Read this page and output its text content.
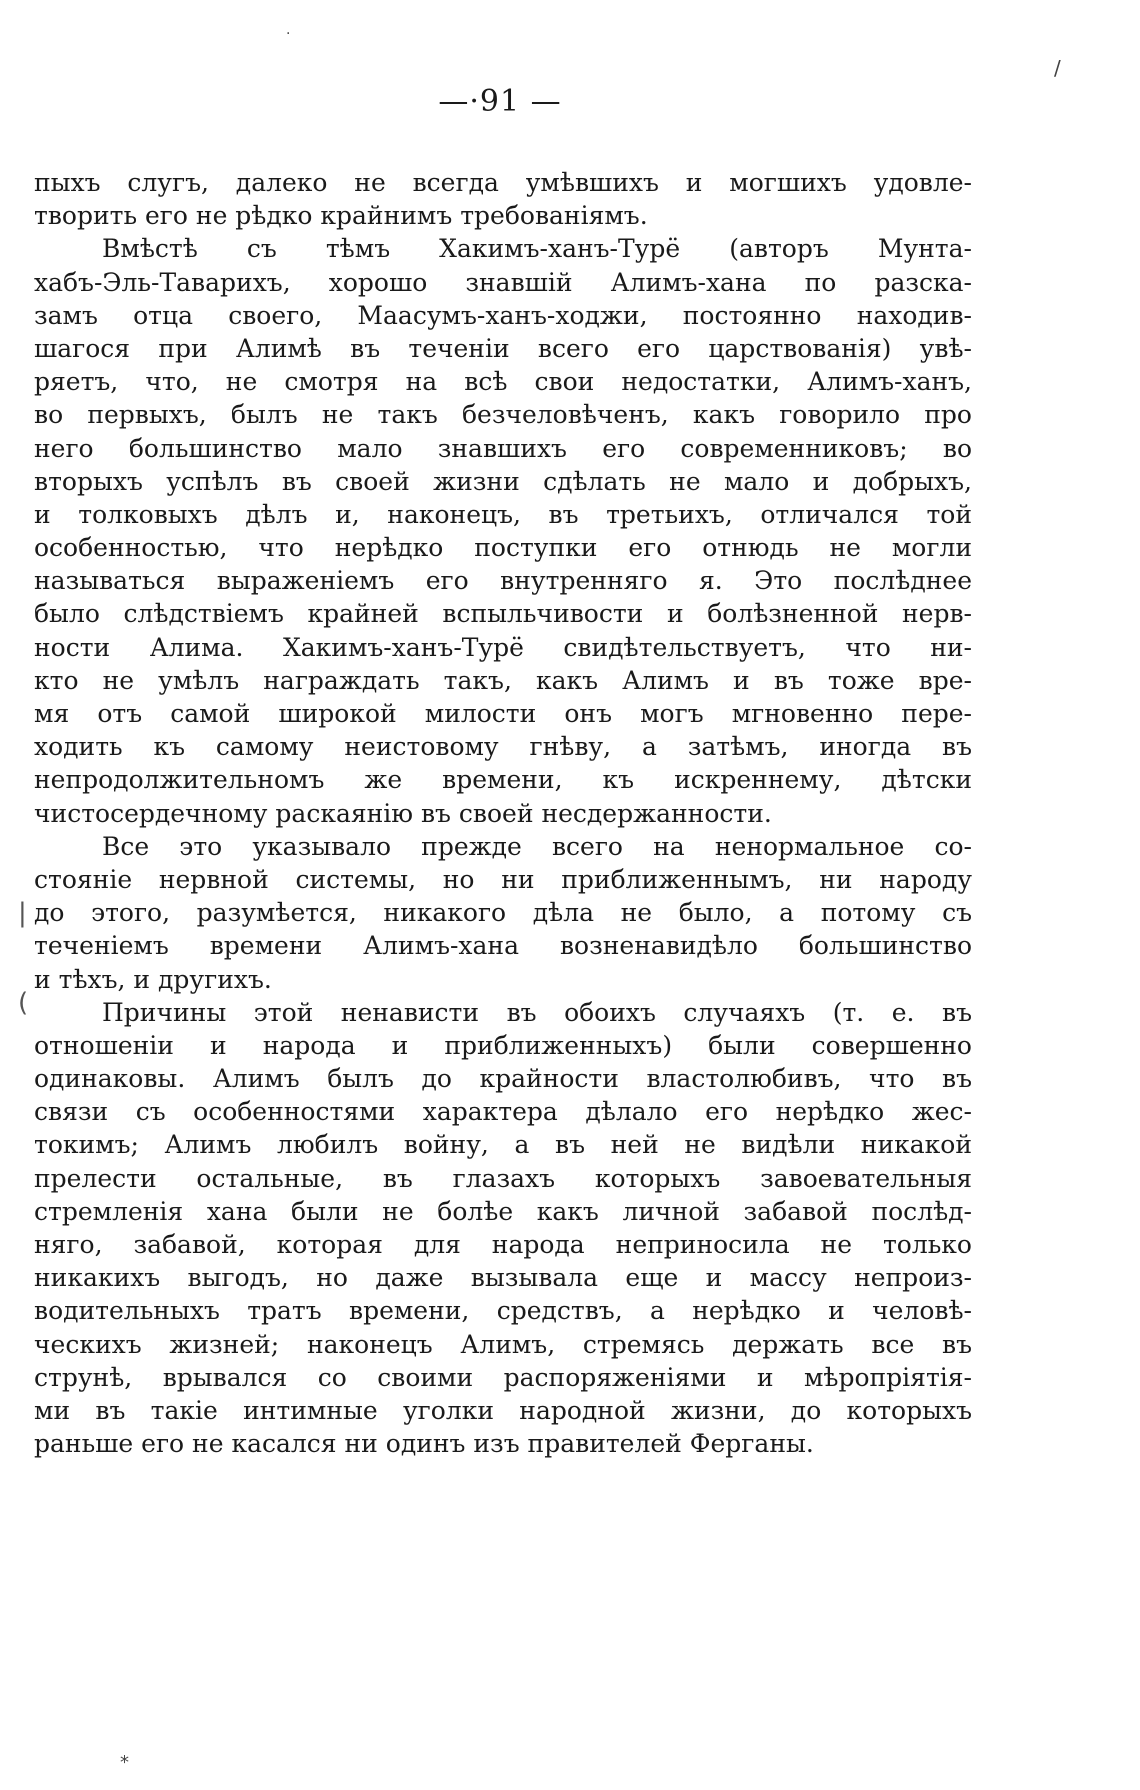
·
/
—·91 —
|
(
пыхъ слугъ, далеко не всегда умѣвшихъ и могшихъ удовле-
творить его не рѣдко крайнимъ требованіямъ.
Вмѣстѣ съ тѣмъ Хакимъ-ханъ-Турё (авторъ Мунта-
хабъ-Эль-Таварихъ, хорошо знавшій Алимъ-хана по разска-
замъ отца своего, Маасумъ-ханъ-ходжи, постоянно находив-
шагося при Алимѣ въ теченіи всего его царствованія) увѣ-
ряетъ, что, не смотря на всѣ свои недостатки, Алимъ-ханъ,
во первыхъ, былъ не такъ безчеловѣченъ, какъ говорило про
него большинство мало знавшихъ его современниковъ; во
вторыхъ успѣлъ въ своей жизни сдѣлать не мало и добрыхъ,
и толковыхъ дѣлъ и, наконецъ, въ третьихъ, отличался той
особенностью, что нерѣдко поступки его отнюдь не могли
называться выраженіемъ его внутренняго я. Это послѣднее
было слѣдствіемъ крайней вспыльчивости и болѣзненной нерв-
ности Алима. Хакимъ-ханъ-Турё свидѣтельствуетъ, что ни-
кто не умѣлъ награждать такъ, какъ Алимъ и въ тоже вре-
мя отъ самой широкой милости онъ могъ мгновенно пере-
ходить къ самому неистовому гнѣву, а затѣмъ, иногда въ
непродолжительномъ же времени, къ искреннему, дѣтски
чистосердечному раскаянію въ своей несдержанности.
Все это указывало прежде всего на ненормальное со-
стояніе нервной системы, но ни приближеннымъ, ни народу
до этого, разумѣется, никакого дѣла не было, а потому съ
теченіемъ времени Алимъ-хана возненавидѣло большинство
и тѣхъ, и другихъ.
Причины этой ненависти въ обоихъ случаяхъ (т. е. въ
отношеніи и народа и приближенныхъ) были совершенно
одинаковы. Алимъ былъ до крайности властолюбивъ, что въ
связи съ особенностями характера дѣлало его нерѣдко жес-
токимъ; Алимъ любилъ войну, а въ ней не видѣли никакой
прелести остальные, въ глазахъ которыхъ завоевательныя
стремленія хана были не болѣе какъ личной забавой послѣд-
няго, забавой, которая для народа неприносила не только
никакихъ выгодъ, но даже вызывала еще и массу непроиз-
водительныхъ тратъ времени, средствъ, а нерѣдко и человѣ-
ческихъ жизней; наконецъ Алимъ, стремясь держать все въ
струнѣ, врывался со своими распоряженіями и мѣропріятія-
ми въ такіе интимные уголки народной жизни, до которыхъ
раньше его не касался ни одинъ изъ правителей Ферганы.
*
